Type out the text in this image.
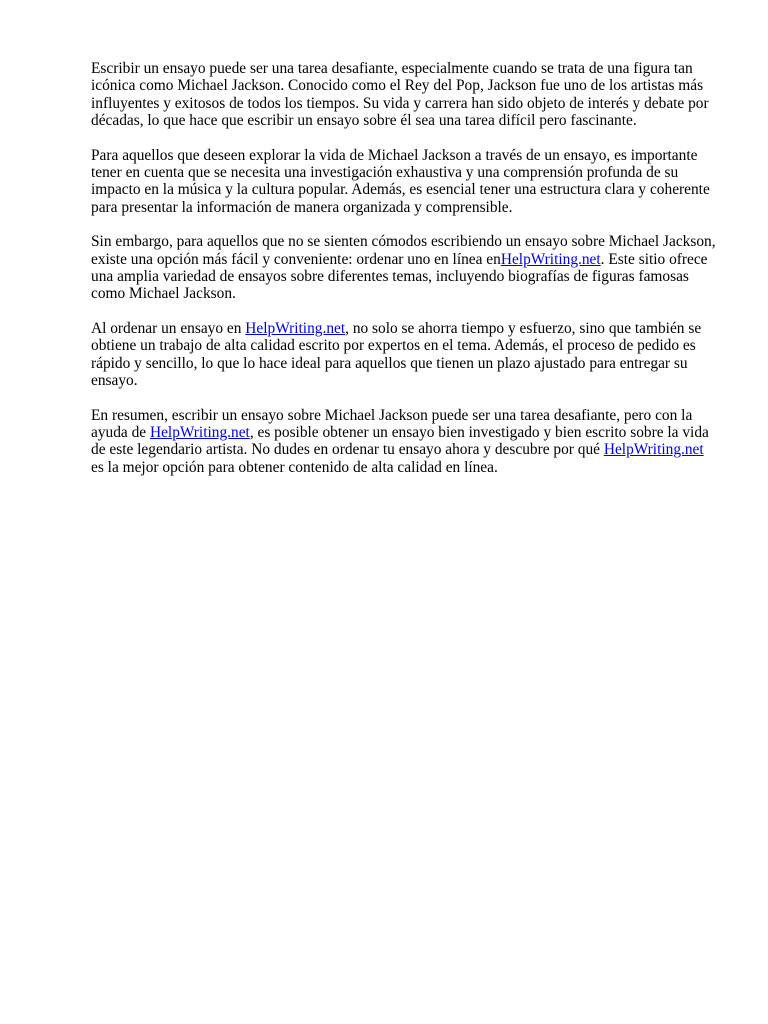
Escribir un ensayo puede ser una tarea desafiante, especialmente cuando se trata de una figura tan
icónica como Michael Jackson. Conocido como el Rey del Pop, Jackson fue uno de los artistas más
influyentes y exitosos de todos los tiempos. Su vida y carrera han sido objeto de interés y debate por
décadas, lo que hace que escribir un ensayo sobre él sea una tarea difícil pero fascinante.

Para aquellos que deseen explorar la vida de Michael Jackson a través de un ensayo, es importante
tener en cuenta que se necesita una investigación exhaustiva y una comprensión profunda de su
impacto en la música y la cultura popular. Además, es esencial tener una estructura clara y coherente
para presentar la información de manera organizada y comprensible.

Sin embargo, para aquellos que no se sienten cómodos escribiendo un ensayo sobre Michael Jackson,
existe una opción más fácil y conveniente: ordenar uno en línea enHelpWriting.net. Este sitio ofrece
una amplia variedad de ensayos sobre diferentes temas, incluyendo biografías de figuras famosas
como Michael Jackson.

Al ordenar un ensayo en HelpWriting.net, no solo se ahorra tiempo y esfuerzo, sino que también se
obtiene un trabajo de alta calidad escrito por expertos en el tema. Además, el proceso de pedido es
rápido y sencillo, lo que lo hace ideal para aquellos que tienen un plazo ajustado para entregar su
ensayo.

En resumen, escribir un ensayo sobre Michael Jackson puede ser una tarea desafiante, pero con la
ayuda de HelpWriting.net, es posible obtener un ensayo bien investigado y bien escrito sobre la vida
de este legendario artista. No dudes en ordenar tu ensayo ahora y descubre por qué HelpWriting.net
es la mejor opción para obtener contenido de alta calidad en línea.
